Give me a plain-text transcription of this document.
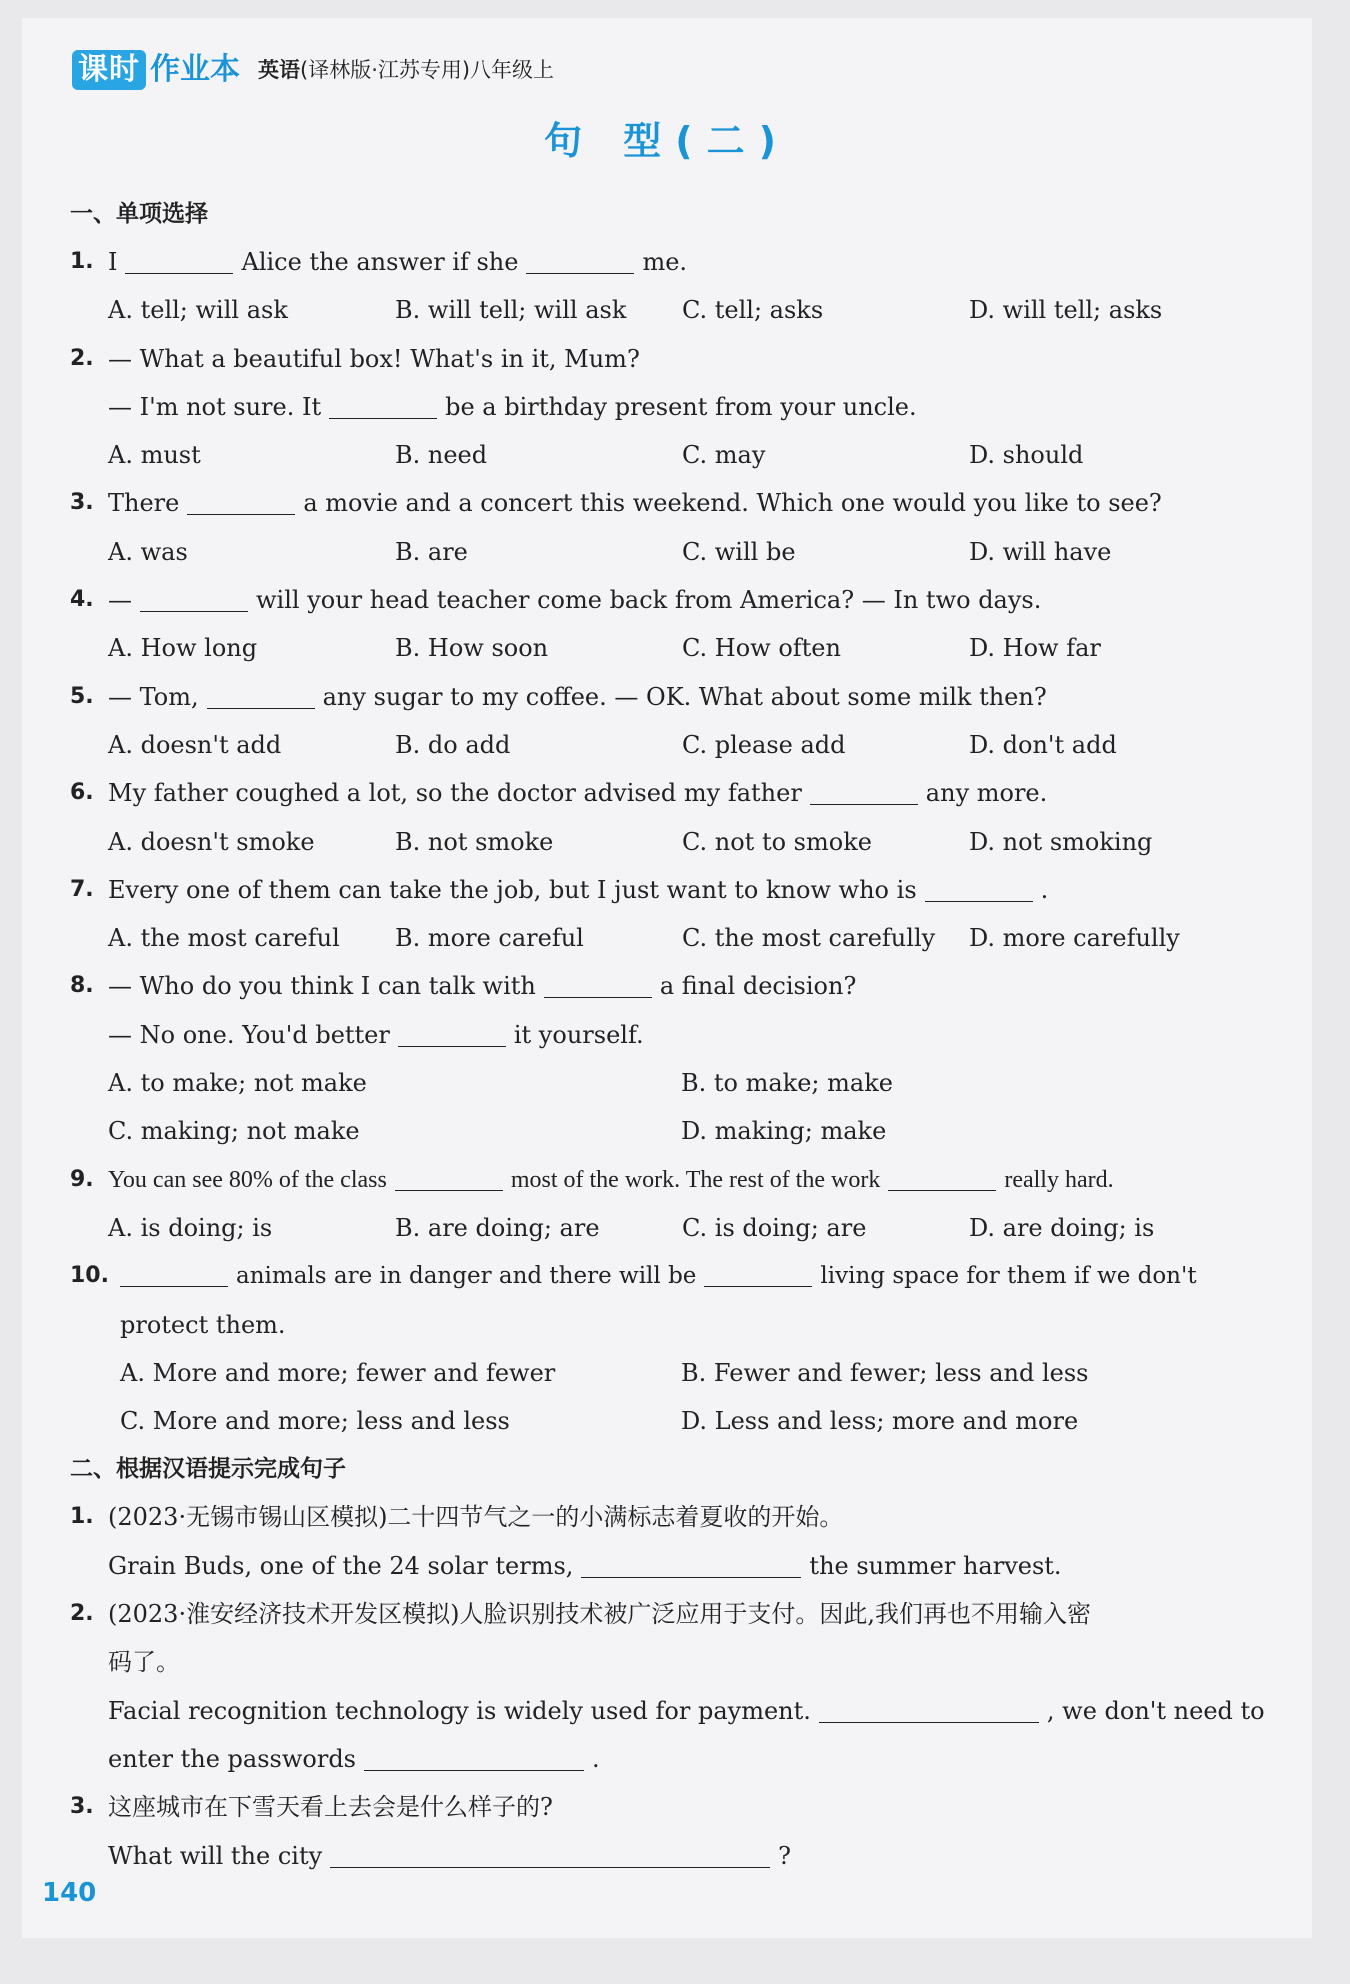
课时 作业本 英语(译林版·江苏专用)八年级上
句 型(二)
一、单项选择
1. I	Alice the answer if she	me.
A. tell; will ask	B. will tell; will ask	C. tell; asks	D. will tell; asks
2. — What a beautiful box! What's in it, Mum?
— I'm not sure. It	be a birthday present from your uncle.
A. must	B. need	C. may	D. should
3. There	a movie and a concert this weekend. Which one would you like to see?
A. was	B. are	C. will be	D. will have
4. —	will your head teacher come back from America? — In two days.
A. How long	B. How soon	C. How often	D. How far
5. — Tom,	any sugar to my coffee. — OK. What about some milk then?
A. doesn't add	B. do add	C. please add	D. don't add
6. My father coughed a lot, so the doctor advised my father	any more.
A. doesn't smoke	B. not smoke	C. not to smoke	D. not smoking
7. Every one of them can take the job, but I just want to know who is	.
A. the most careful	B. more careful	C. the most carefully	D. more carefully
8. — Who do you think I can talk with	a final decision?
— No one. You'd better	it yourself.
A. to make; not make	B. to make; make
C. making; not make	D. making; make
9. You can see 80% of the class	most of the work. The rest of the work	really hard.
A. is doing; is	B. are doing; are	C. is doing; are	D. are doing; is
10.	animals are in danger and there will be	living space for them if we don't
protect them.
A. More and more; fewer and fewer	B. Fewer and fewer; less and less
C. More and more; less and less	D. Less and less; more and more
二、根据汉语提示完成句子
1. (2023·无锡市锡山区模拟)二十四节气之一的小满标志着夏收的开始。
Grain Buds, one of the 24 solar terms,	the summer harvest.
2. (2023·淮安经济技术开发区模拟)人脸识别技术被广泛应用于支付。因此,我们再也不用输入密
码了。
Facial recognition technology is widely used for payment.	, we don't need to
enter the passwords	.
3. 这座城市在下雪天看上去会是什么样子的?
What will the city	?
140
